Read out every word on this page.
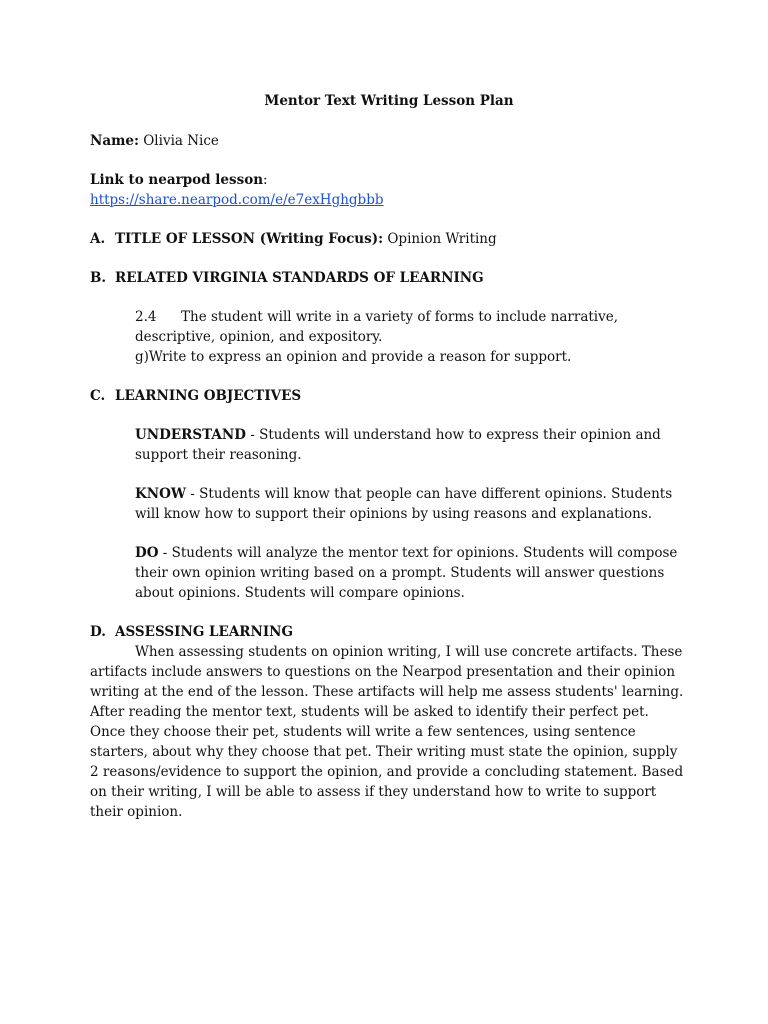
Mentor Text Writing Lesson Plan

Name: Olivia Nice

Link to nearpod lesson:

https://share.nearpod.com/e/e7exHghgbbb

A. TITLE OF LESSON (Writing Focus): Opinion Writing

B. RELATED VIRGINIA STANDARDS OF LEARNING

2.4 The student will write in a variety of forms to include narrative,

descriptive, opinion, and expository.

g)Write to express an opinion and provide a reason for support.

C. LEARNING OBJECTIVES

UNDERSTAND - Students will understand how to express their opinion and support their reasoning.
KNOW - Students will know that people can have different opinions. Students will know how to support their opinions by using reasons and explanations.
DO - Students will analyze the mentor text for opinions. Students will compose their own opinion writing based on a prompt. Students will answer questions about opinions. Students will compare opinions.

D. ASSESSING LEARNING

When assessing students on opinion writing, I will use concrete artifacts. These artifacts include answers to questions on the Nearpod presentation and their opinion writing at the end of the lesson. These artifacts will help me assess students' learning. After reading the mentor text, students will be asked to identify their perfect pet. Once they choose their pet, students will write a few sentences, using sentence starters, about why they choose that pet. Their writing must state the opinion, supply 2 reasons/evidence to support the opinion, and provide a concluding statement. Based on their writing, I will be able to assess if they understand how to write to support their opinion.
